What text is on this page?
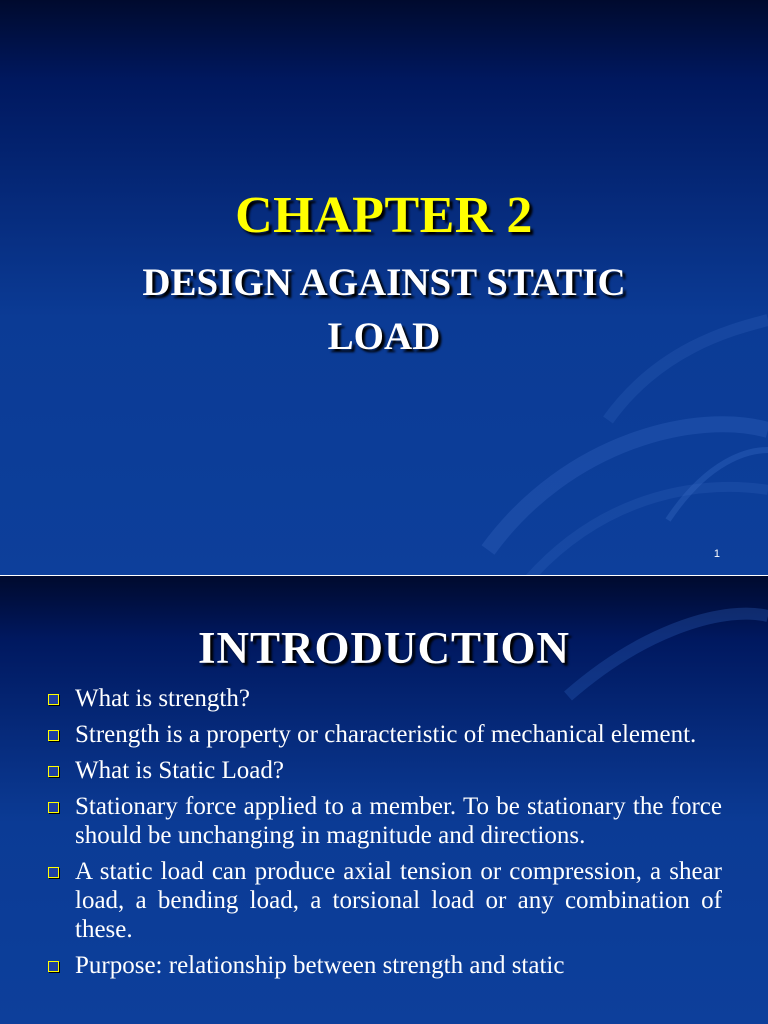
CHAPTER 2
DESIGN AGAINST STATIC
LOAD
1
INTRODUCTION
What is strength?
Strength is a property or characteristic of mechanical element.
What is Static Load?
Stationary force applied to a member. To be stationary the force should be unchanging in magnitude and directions.
A static load can produce axial tension or compression, a shear load, a bending load, a torsional load or any combination of these.
Purpose: relationship between strength and static
